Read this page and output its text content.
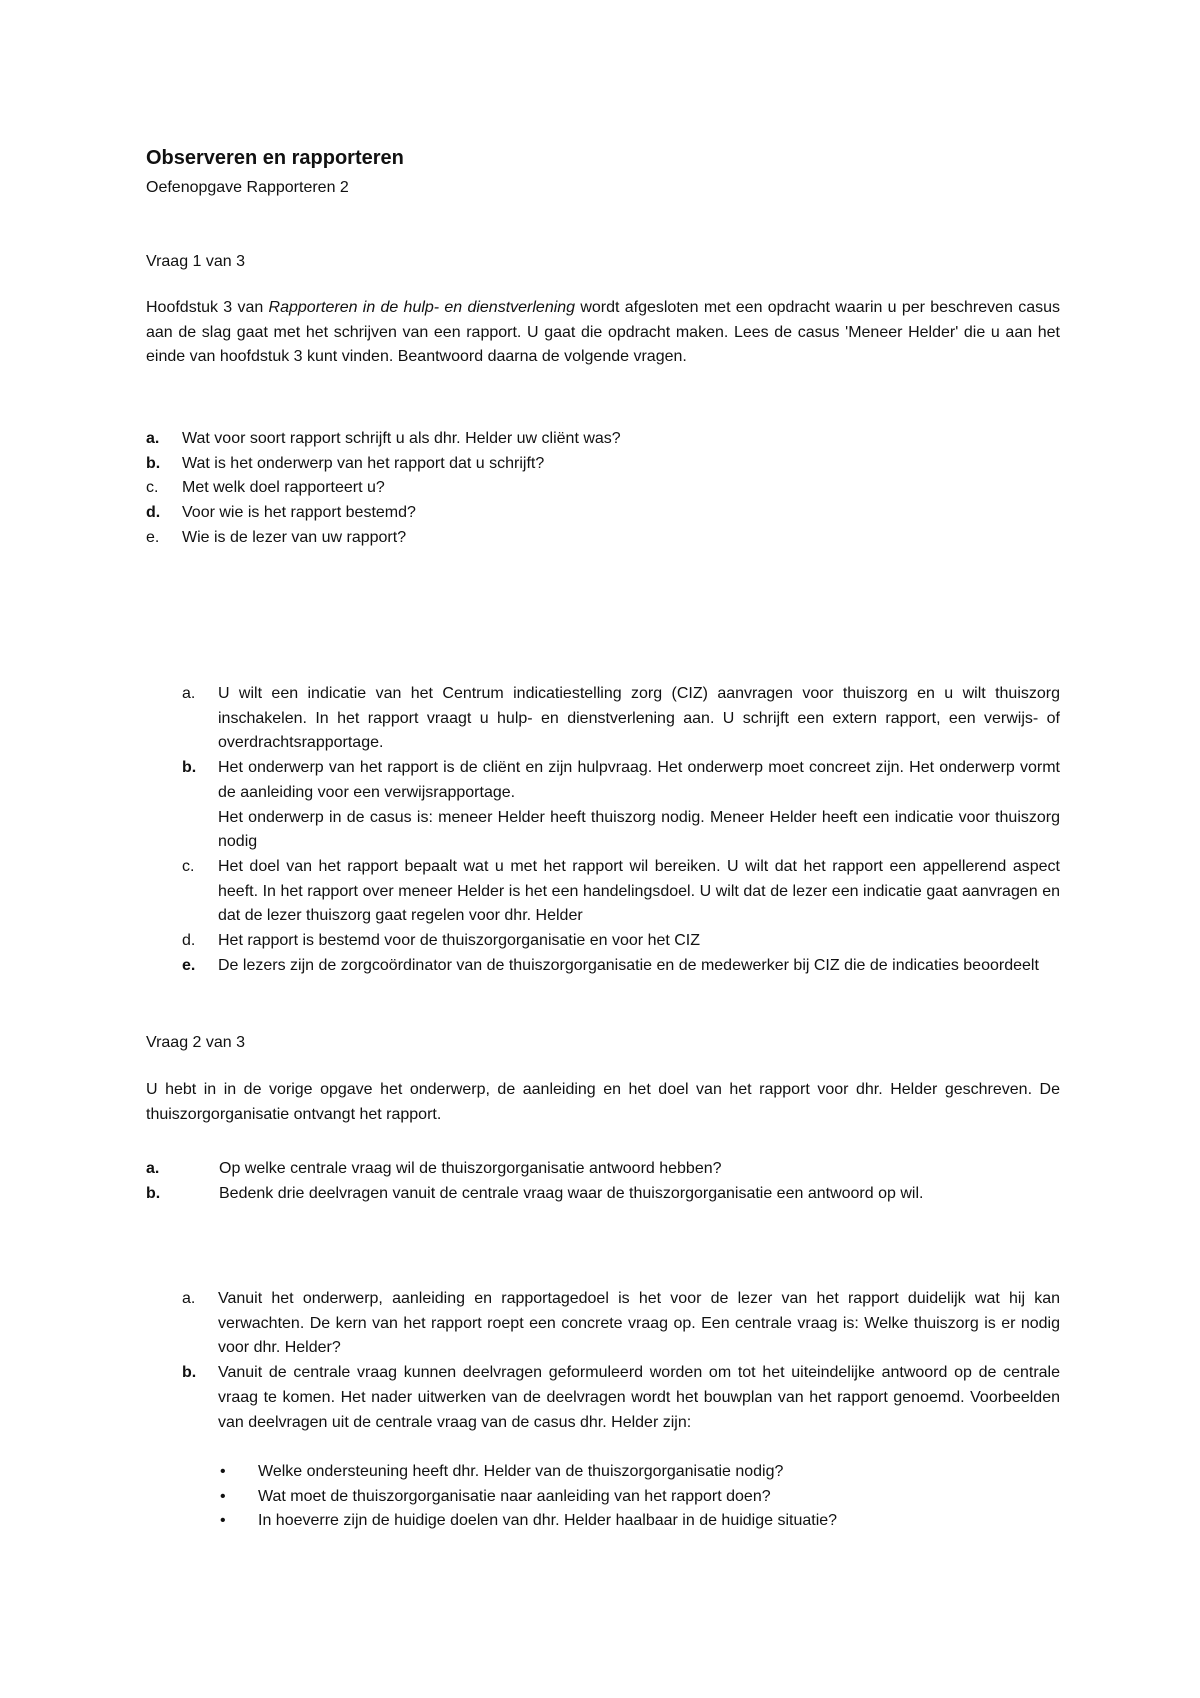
Observeren en rapporteren
Oefenopgave Rapporteren 2
Vraag 1 van 3

Hoofdstuk 3 van Rapporteren in de hulp- en dienstverlening wordt afgesloten met een opdracht waarin u per beschreven casus aan de slag gaat met het schrijven van een rapport. U gaat die opdracht maken. Lees de casus 'Meneer Helder' die u aan het einde van hoofdstuk 3 kunt vinden. Beantwoord daarna de volgende vragen.

a. Wat voor soort rapport schrijft u als dhr. Helder uw cliënt was?
b. Wat is het onderwerp van het rapport dat u schrijft?
c. Met welk doel rapporteert u?
d. Voor wie is het rapport bestemd?
e. Wie is de lezer van uw rapport?
a. U wilt een indicatie van het Centrum indicatiestelling zorg (CIZ) aanvragen voor thuiszorg en u wilt thuiszorg inschakelen. In het rapport vraagt u hulp- en dienstverlening aan. U schrijft een extern rapport, een verwijs- of overdrachtsrapportage.
b. Het onderwerp van het rapport is de cliënt en zijn hulpvraag. Het onderwerp moet concreet zijn. Het onderwerp vormt de aanleiding voor een verwijsrapportage.
Het onderwerp in de casus is: meneer Helder heeft thuiszorg nodig. Meneer Helder heeft een indicatie voor thuiszorg nodig
c. Het doel van het rapport bepaalt wat u met het rapport wil bereiken. U wilt dat het rapport een appellerend aspect heeft. In het rapport over meneer Helder is het een handelingsdoel. U wilt dat de lezer een indicatie gaat aanvragen en dat de lezer thuiszorg gaat regelen voor dhr. Helder
d. Het rapport is bestemd voor de thuiszorgorganisatie en voor het CIZ
e. De lezers zijn de zorgcoördinator van de thuiszorgorganisatie en de medewerker bij CIZ die de indicaties beoordeelt
Vraag 2 van 3

U hebt in in de vorige opgave het onderwerp, de aanleiding en het doel van het rapport voor dhr. Helder geschreven. De thuiszorgorganisatie ontvangt het rapport.

a.	Op welke centrale vraag wil de thuiszorgorganisatie antwoord hebben?
b.	Bedenk drie deelvragen vanuit de centrale vraag waar de thuiszorgorganisatie een antwoord op wil.
a. Vanuit het onderwerp, aanleiding en rapportagedoel is het voor de lezer van het rapport duidelijk wat hij kan verwachten. De kern van het rapport roept een concrete vraag op. Een centrale vraag is: Welke thuiszorg is er nodig voor dhr. Helder?
b. Vanuit de centrale vraag kunnen deelvragen geformuleerd worden om tot het uiteindelijke antwoord op de centrale vraag te komen. Het nader uitwerken van de deelvragen wordt het bouwplan van het rapport genoemd. Voorbeelden van deelvragen uit de centrale vraag van de casus dhr. Helder zijn:
• Welke ondersteuning heeft dhr. Helder van de thuiszorgorganisatie nodig?
• Wat moet de thuiszorgorganisatie naar aanleiding van het rapport doen?
• In hoeverre zijn de huidige doelen van dhr. Helder haalbaar in de huidige situatie?
